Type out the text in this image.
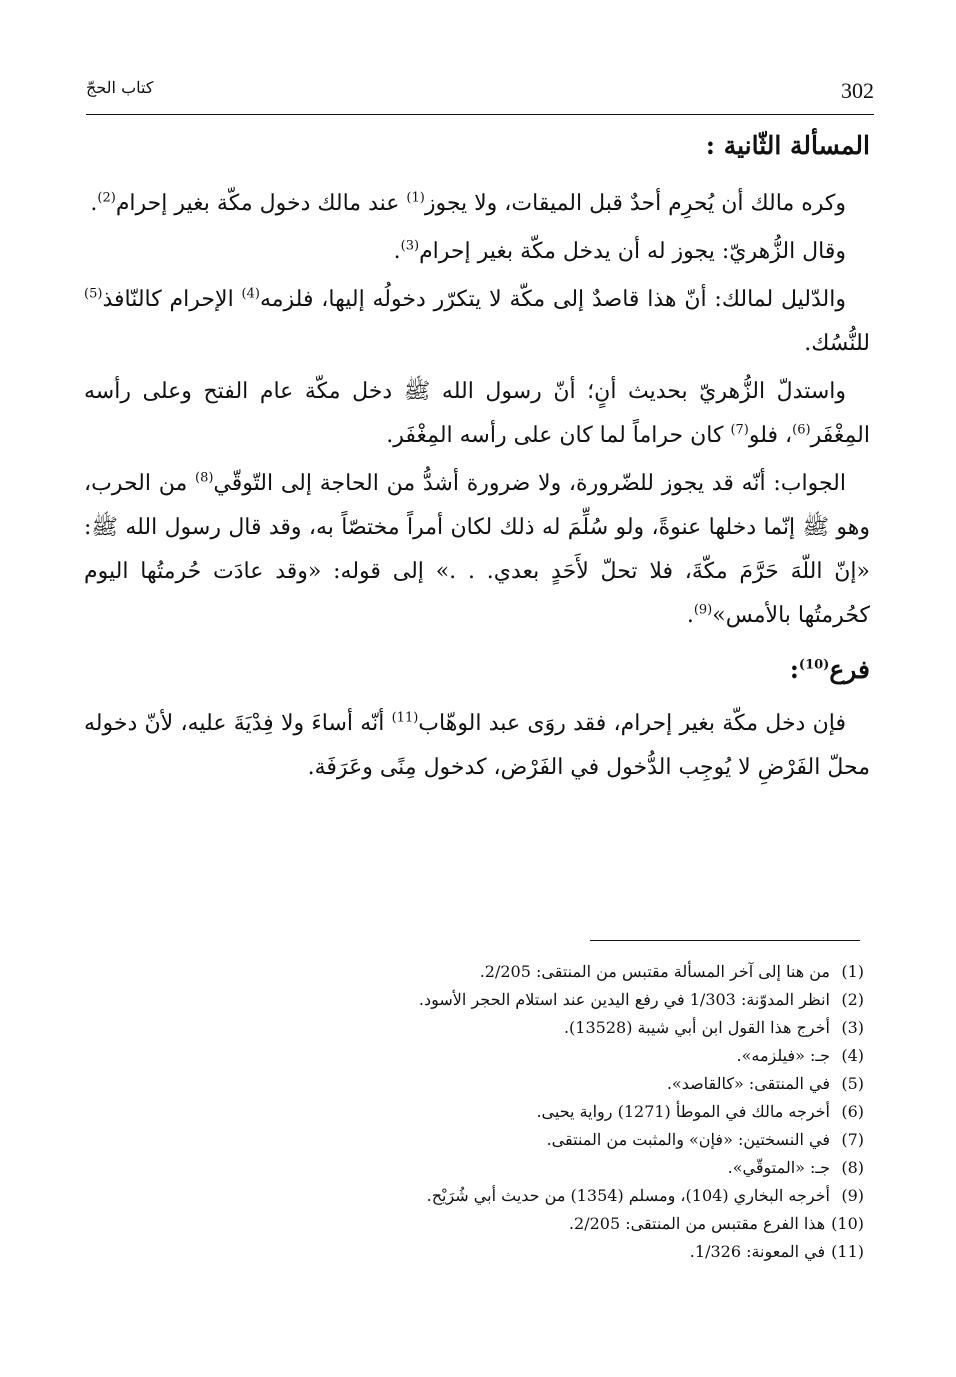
302
كتاب الحجّ
المسألة الثّانية :

وكره مالك أن يُحرِم أحدٌ قبل الميقات، ولا يجوز$^{(1)}$ عند مالك دخول مكّة بغير إحرام$^{(2)}$.

وقال الزُّهريّ: يجوز له أن يدخل مكّة بغير إحرام$^{(3)}$.

والدّليل لمالك: أنّ هذا قاصدٌ إلى مكّة لا يتكرّر دخولُه إليها، فلزمه$^{(4)}$ الإحرام كالنّافذ$^{(5)}$ للنُّسُك.

واستدلّ الزُّهريّ بحديث أنٍ؛ أنّ رسول الله ﷺ دخل مكّة عام الفتح وعلى رأسه المِغْفَر$^{(6)}$، فلو$^{(7)}$ كان حراماً لما كان على رأسه المِغْفَر.

الجواب: أنّه قد يجوز للضّرورة، ولا ضرورة أشدُّ من الحاجة إلى التّوقّي$^{(8)}$ من الحرب، وهو ﷺ إنّما دخلها عنوةً، ولو سُلِّمَ له ذلك لكان أمراً مختصّاً به، وقد قال رسول الله ﷺ: «إنّ اللّهَ حَرَّمَ مكّةَ، فلا تحلّ لأَحَدٍ بعدي. . .» إلى قوله: «وقد عادَت حُرمتُها اليوم كحُرمتُها بالأمس»$^{(9)}$.

فرع$^{(10)}$:

فإن دخل مكّة بغير إحرام، فقد روَى عبد الوهّاب$^{(11)}$ أنّه أساءَ ولا فِدْيَةَ عليه، لأنّ دخوله محلّ الفَرْضِ لا يُوجِب الدُّخول في الفَرْض، كدخول مِنًى وعَرَفَة.

(1)من هنا إلى آخر المسألة مقتبس من المنتقى: 2/205.
(2)انظر المدوّنة: 1/303 في رفع اليدين عند استلام الحجر الأسود.
(3)أخرج هذا القول ابن أبي شيبة (13528).
(4)جـ: «فيلزمه».
(5)في المنتقى: «كالقاصد».
(6)أخرجه مالك في الموطأ (1271) رواية يحيى.
(7)في النسختين: «فإن» والمثبت من المنتقى.
(8)جـ: «المتوقّي».
(9)أخرجه البخاري (104)، ومسلم (1354) من حديث أبي شُرَيْح.
(10)هذا الفرع مقتبس من المنتقى: 2/205.
(11)في المعونة: 1/326.
